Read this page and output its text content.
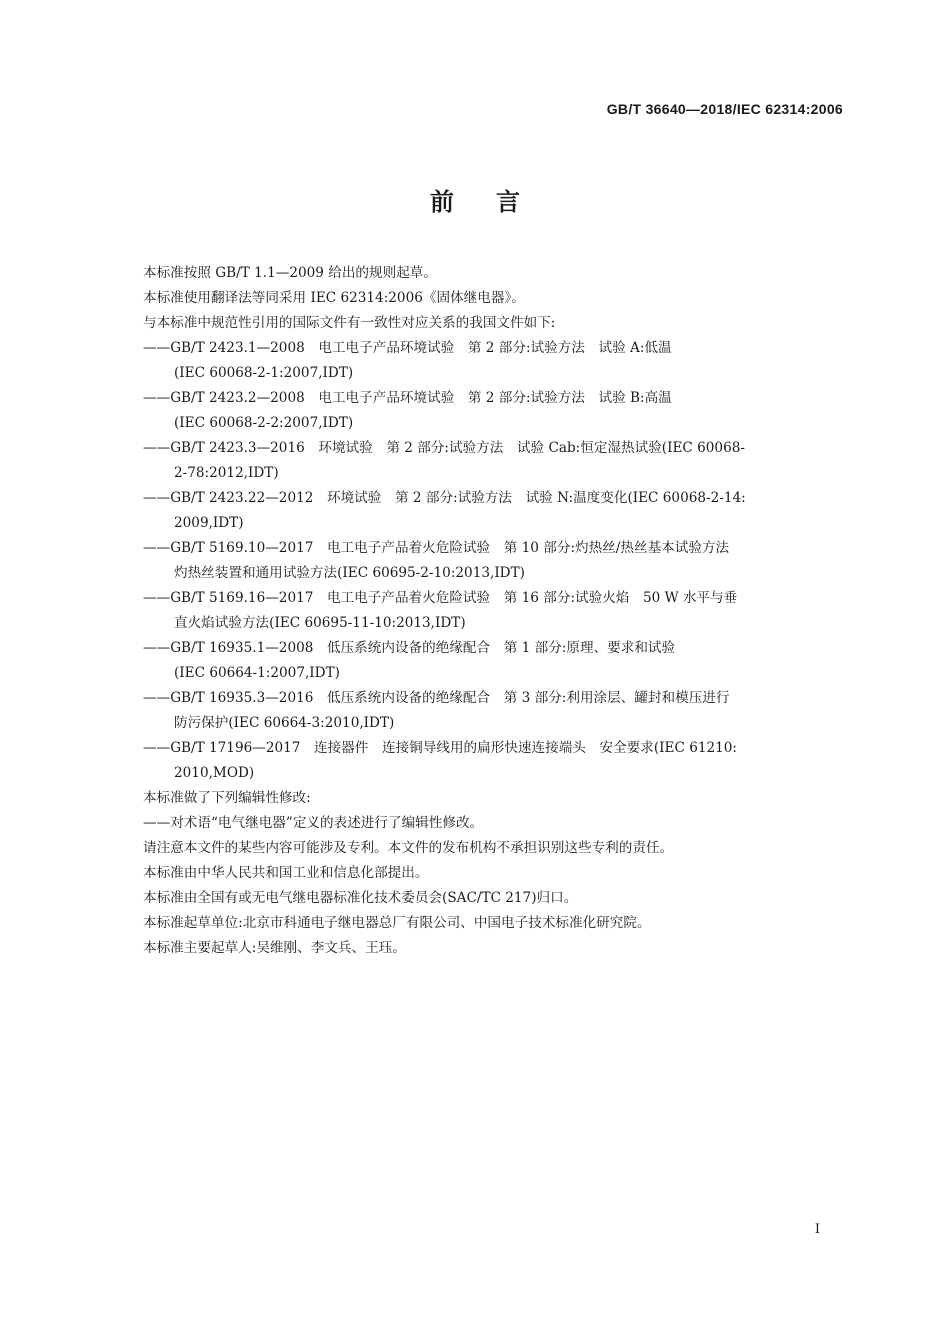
GB/T 36640—2018/IEC 62314:2006
前言

本标准按照 GB/T 1.1—2009 给出的规则起草。

本标准使用翻译法等同采用 IEC 62314:2006《固体继电器》。

与本标准中规范性引用的国际文件有一致性对应关系的我国文件如下:

——GB/T 2423.1—2008　电工电子产品环境试验　第 2 部分:试验方法　试验 A:低温
(IEC 60068-2-1:2007,IDT)

——GB/T 2423.2—2008　电工电子产品环境试验　第 2 部分:试验方法　试验 B:高温
(IEC 60068-2-2:2007,IDT)

——GB/T 2423.3—2016　环境试验　第 2 部分:试验方法　试验 Cab:恒定湿热试验(IEC 60068-
2-78:2012,IDT)

——GB/T 2423.22—2012　环境试验　第 2 部分:试验方法　试验 N:温度变化(IEC 60068-2-14:
2009,IDT)

——GB/T 5169.10—2017　电工电子产品着火危险试验　第 10 部分:灼热丝/热丝基本试验方法
灼热丝装置和通用试验方法(IEC 60695-2-10:2013,IDT)

——GB/T 5169.16—2017　电工电子产品着火危险试验　第 16 部分:试验火焰　50 W 水平与垂
直火焰试验方法(IEC 60695-11-10:2013,IDT)

——GB/T 16935.1—2008　低压系统内设备的绝缘配合　第 1 部分:原理、要求和试验
(IEC 60664-1:2007,IDT)

——GB/T 16935.3—2016　低压系统内设备的绝缘配合　第 3 部分:利用涂层、罐封和模压进行
防污保护(IEC 60664-3:2010,IDT)

——GB/T 17196—2017　连接器件　连接铜导线用的扁形快速连接端头　安全要求(IEC 61210:
2010,MOD)

本标准做了下列编辑性修改:

——对术语“电气继电器”定义的表述进行了编辑性修改。

请注意本文件的某些内容可能涉及专利。本文件的发布机构不承担识别这些专利的责任。

本标准由中华人民共和国工业和信息化部提出。

本标准由全国有或无电气继电器标准化技术委员会(SAC/TC 217)归口。

本标准起草单位:北京市科通电子继电器总厂有限公司、中国电子技术标准化研究院。

本标准主要起草人:吴维刚、李文兵、王珏。

I
